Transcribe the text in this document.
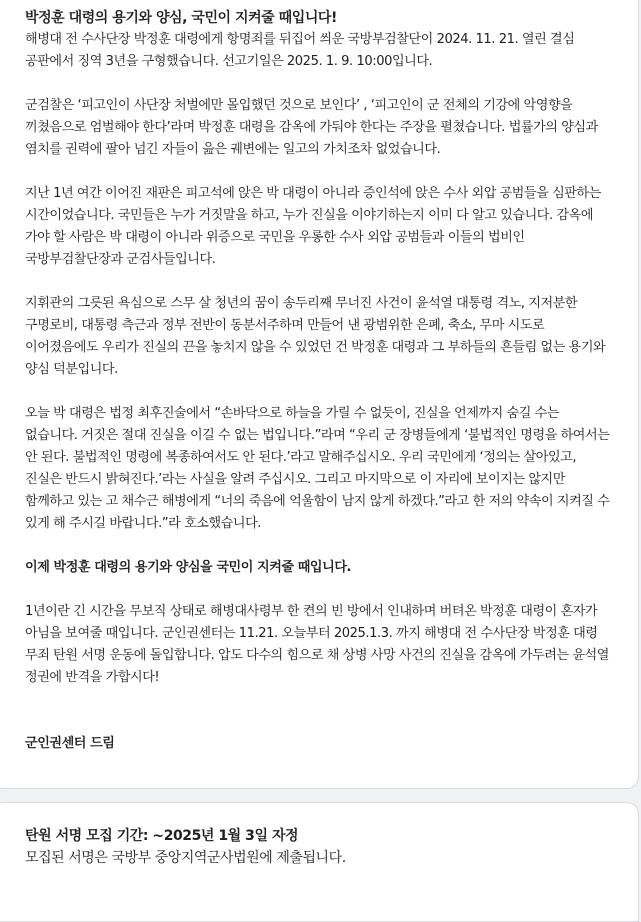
박정훈 대령의 용기와 양심, 국민이 지켜줄 때입니다!

해병대 전 수사단장 박정훈 대령에게 항명죄를 뒤집어 씌운 국방부검찰단이 2024. 11. 21. 열린 결심 공판에서 징역 3년을 구형했습니다. 선고기일은 2025. 1. 9. 10:00입니다.

군검찰은 ‘피고인이 사단장 처벌에만 몰입했던 것으로 보인다’ , ‘피고인이 군 전체의 기강에 악영향을 끼쳤음으로 엄벌해야 한다’라며 박정훈 대령을 감옥에 가둬야 한다는 주장을 펼쳤습니다. 법률가의 양심과 염치를 권력에 팔아 넘긴 자들이 읊은 궤변에는 일고의 가치조차 없었습니다.

지난 1년 여간 이어진 재판은 피고석에 앉은 박 대령이 아니라 증인석에 앉은 수사 외압 공범들을 심판하는 시간이었습니다. 국민들은 누가 거짓말을 하고, 누가 진실을 이야기하는지 이미 다 알고 있습니다. 감옥에 가야 할 사람은 박 대령이 아니라 위증으로 국민을 우롱한 수사 외압 공범들과 이들의 법비인 국방부검찰단장과 군검사들입니다.

지휘관의 그릇된 욕심으로 스무 살 청년의 꿈이 송두리째 무너진 사건이 윤석열 대통령 격노, 지저분한 구명로비, 대통령 측근과 정부 전반이 동분서주하며 만들어 낸 광범위한 은폐, 축소, 무마 시도로 이어졌음에도 우리가 진실의 끈을 놓치지 않을 수 있었던 건 박정훈 대령과 그 부하들의 흔들림 없는 용기와 양심 덕분입니다.

오늘 박 대령은 법정 최후진술에서 “손바닥으로 하늘을 가릴 수 없듯이, 진실을 언제까지 숨길 수는 없습니다. 거짓은 절대 진실을 이길 수 없는 법입니다.”라며 “우리 군 장병들에게 ‘불법적인 명령을 하여서는 안 된다. 불법적인 명령에 복종하여서도 안 된다.’라고 말해주십시오. 우리 국민에게 ‘정의는 살아있고, 진실은 반드시 밝혀진다.’라는 사실을 알려 주십시오. 그리고 마지막으로 이 자리에 보이지는 않지만 함께하고 있는 고 채수근 해병에게 “너의 죽음에 억울함이 남지 않게 하겠다.”라고 한 저의 약속이 지켜질 수 있게 해 주시길 바랍니다.”라 호소했습니다.

이제 박정훈 대령의 용기와 양심을 국민이 지켜줄 때입니다.

1년이란 긴 시간을 무보직 상태로 해병대사령부 한 켠의 빈 방에서 인내하며 버텨온 박정훈 대령이 혼자가 아님을 보여줄 때입니다. 군인권센터는 11.21. 오늘부터 2025.1.3. 까지 해병대 전 수사단장 박정훈 대령 무죄 탄원 서명 운동에 돌입합니다. 압도 다수의 힘으로 채 상병 사망 사건의 진실을 감옥에 가두려는 윤석열 정권에 반격을 가합시다!

군인권센터 드림
탄원 서명 모집 기간: ~2025년 1월 3일 자정
모집된 서명은 국방부 중앙지역군사법원에 제출됩니다.
